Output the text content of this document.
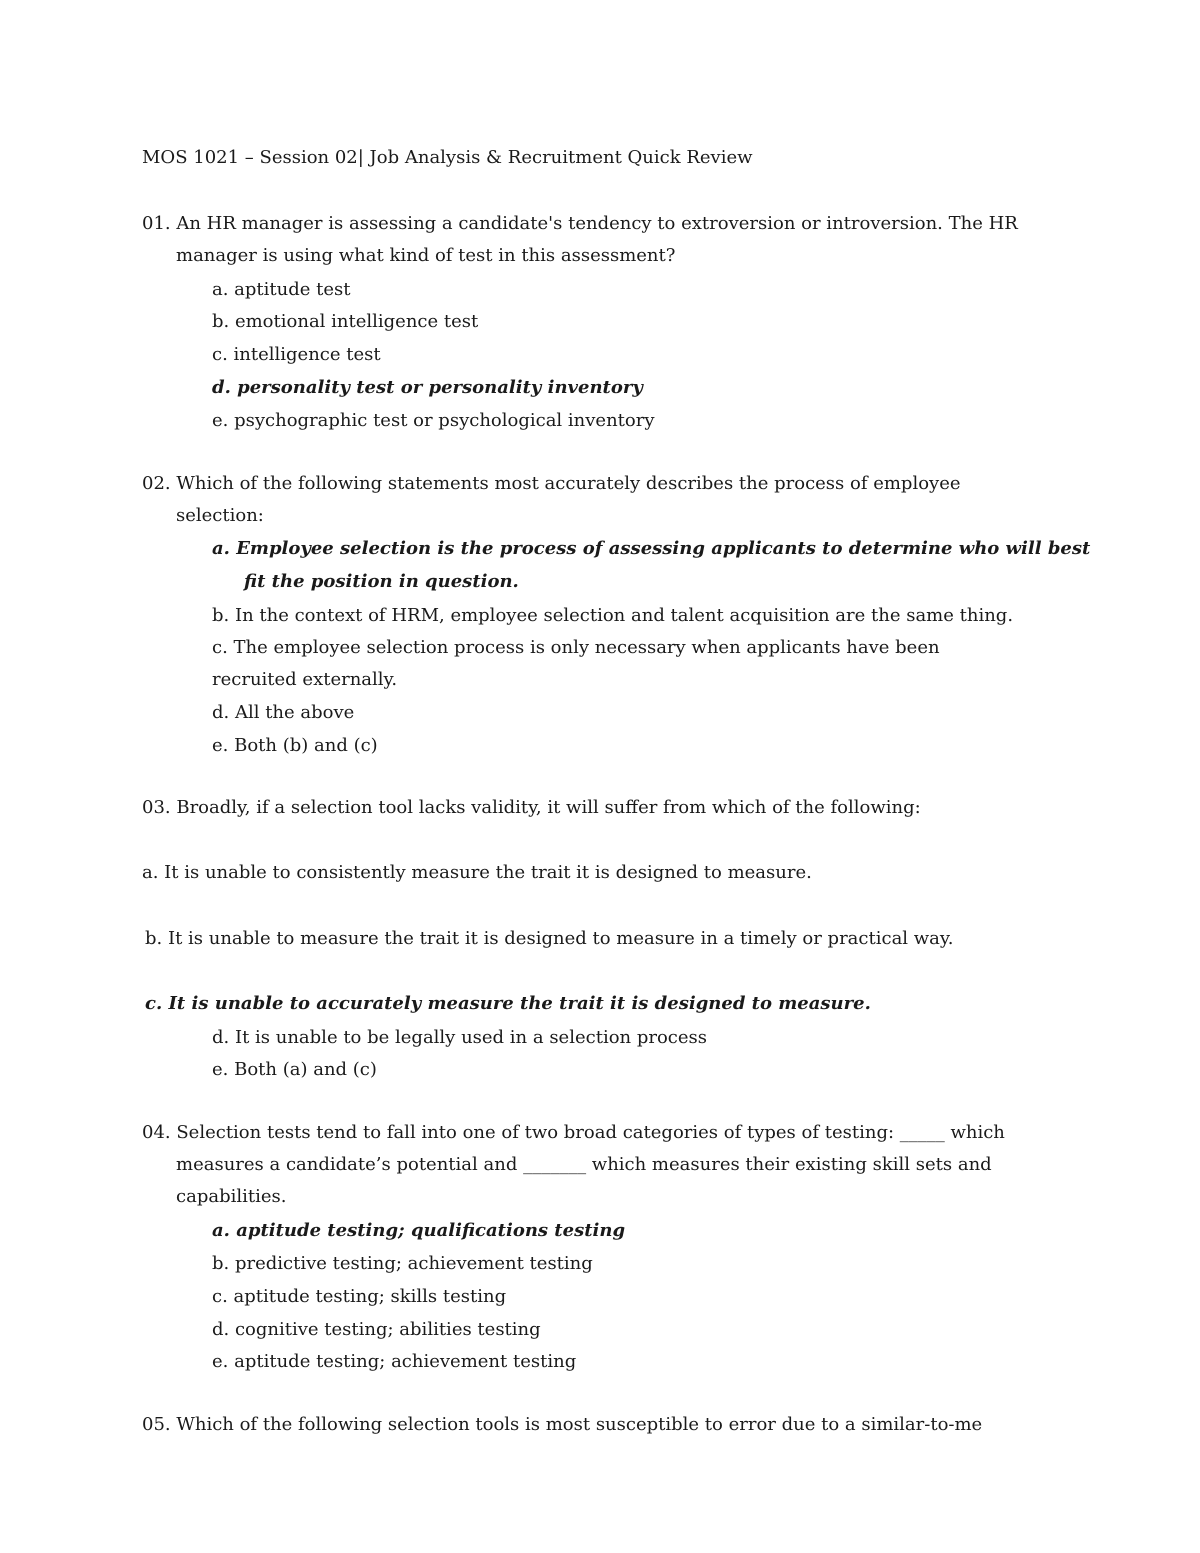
MOS 1021 – Session 02| Job Analysis & Recruitment Quick Review
01. An HR manager is assessing a candidate's tendency to extroversion or introversion. The HR
manager is using what kind of test in this assessment?
a. aptitude test
b. emotional intelligence test
c. intelligence test
d. personality test or personality inventory
e. psychographic test or psychological inventory
02. Which of the following statements most accurately describes the process of employee
selection:
a. Employee selection is the process of assessing applicants to determine who will best
fit the position in question.
b. In the context of HRM, employee selection and talent acquisition are the same thing.
c. The employee selection process is only necessary when applicants have been
recruited externally.
d. All the above
e. Both (b) and (c)
03. Broadly, if a selection tool lacks validity, it will suffer from which of the following:
a. It is unable to consistently measure the trait it is designed to measure.
b. It is unable to measure the trait it is designed to measure in a timely or practical way.
c. It is unable to accurately measure the trait it is designed to measure.
d. It is unable to be legally used in a selection process
e. Both (a) and (c)
04. Selection tests tend to fall into one of two broad categories of types of testing: _____ which
measures a candidate’s potential and _______ which measures their existing skill sets and
capabilities.
a. aptitude testing; qualifications testing
b. predictive testing; achievement testing
c. aptitude testing; skills testing
d. cognitive testing; abilities testing
e. aptitude testing; achievement testing
05. Which of the following selection tools is most susceptible to error due to a similar-to-me
